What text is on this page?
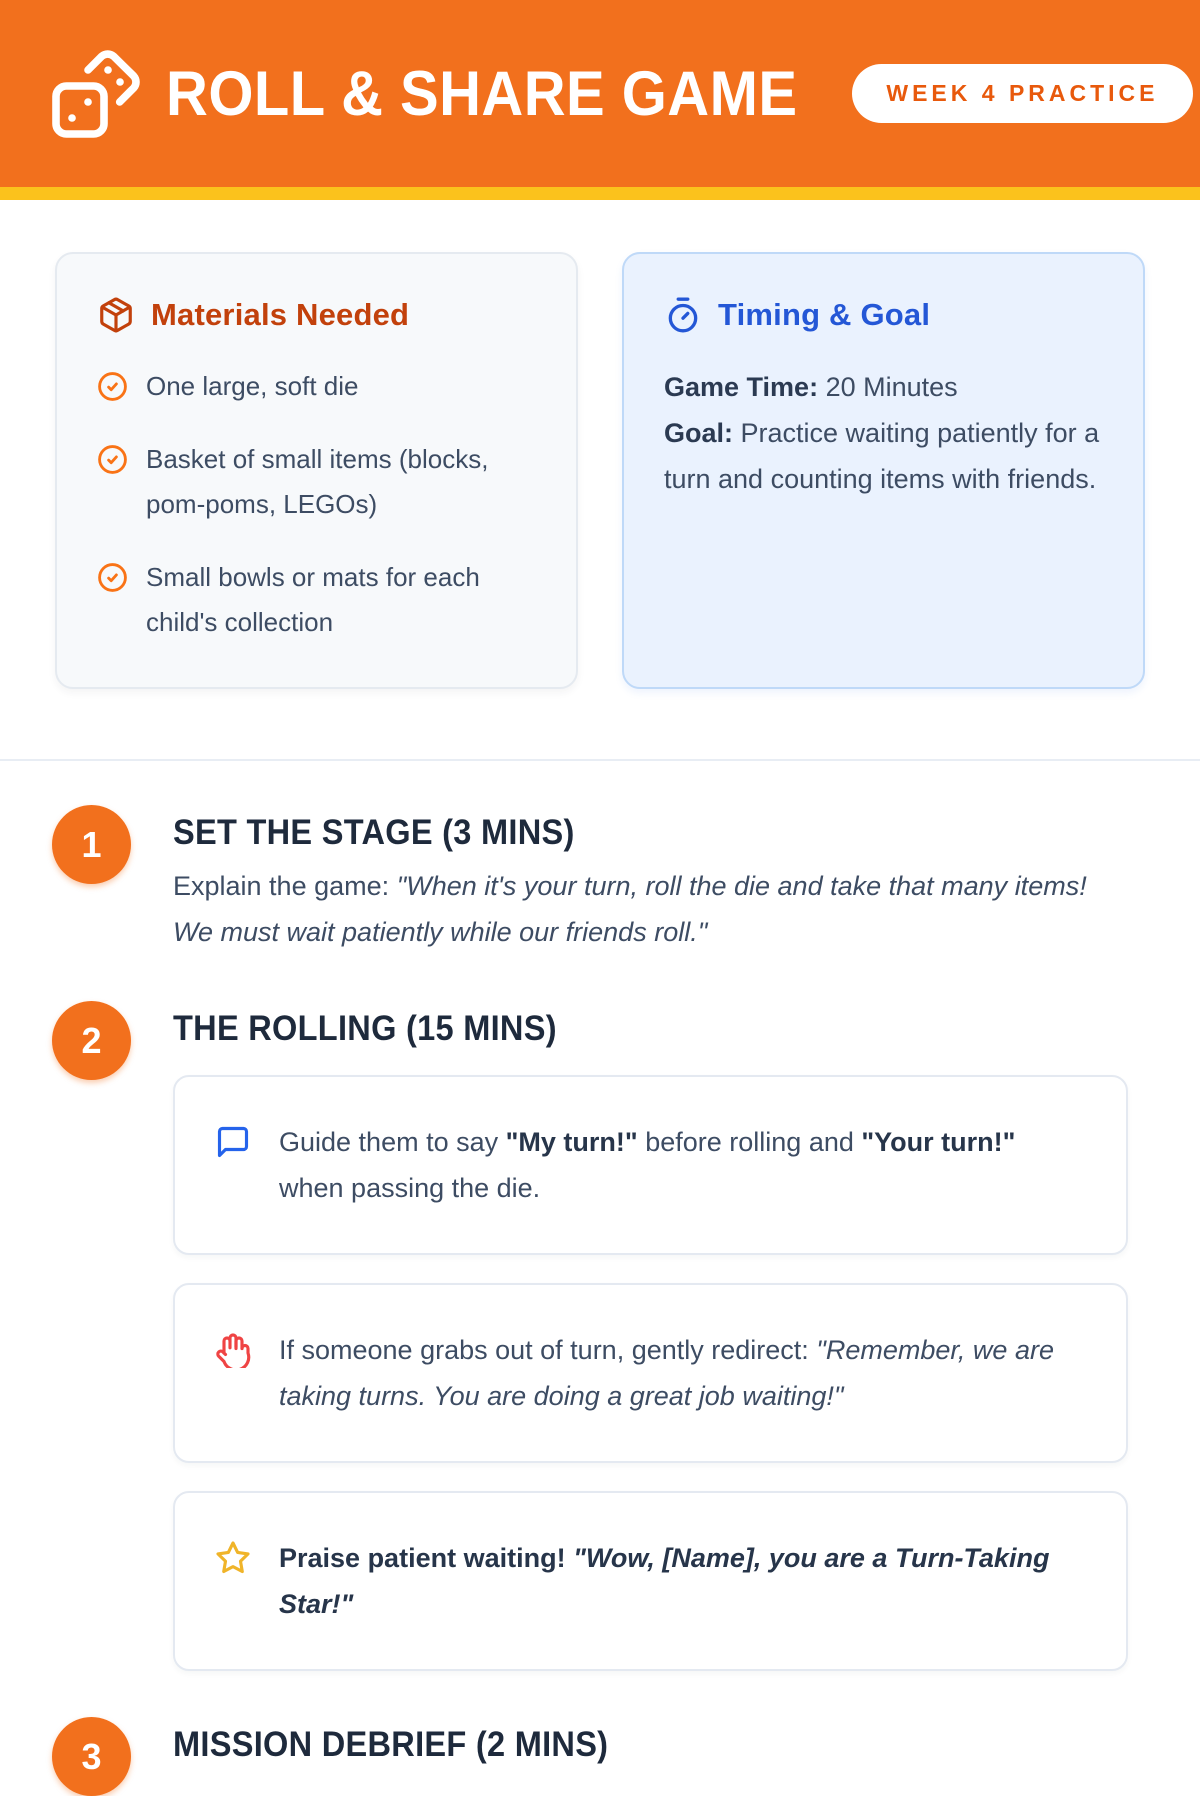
ROLL & SHARE GAME	WEEK 4 PRACTICE
Materials Needed
One large, soft die
Basket of small items (blocks, pom-poms, LEGOs)
Small bowls or mats for each child's collection
Timing & Goal
Game Time: 20 Minutes
Goal: Practice waiting patiently for a turn and counting items with friends.
1	SET THE STAGE (3 MINS)
Explain the game: "When it's your turn, roll the die and take that many items! We must wait patiently while our friends roll."
2	THE ROLLING (15 MINS)
Guide them to say "My turn!" before rolling and "Your turn!" when passing the die.
If someone grabs out of turn, gently redirect: "Remember, we are taking turns. You are doing a great job waiting!"
Praise patient waiting! "Wow, [Name], you are a Turn-Taking Star!"
3	MISSION DEBRIEF (2 MINS)
